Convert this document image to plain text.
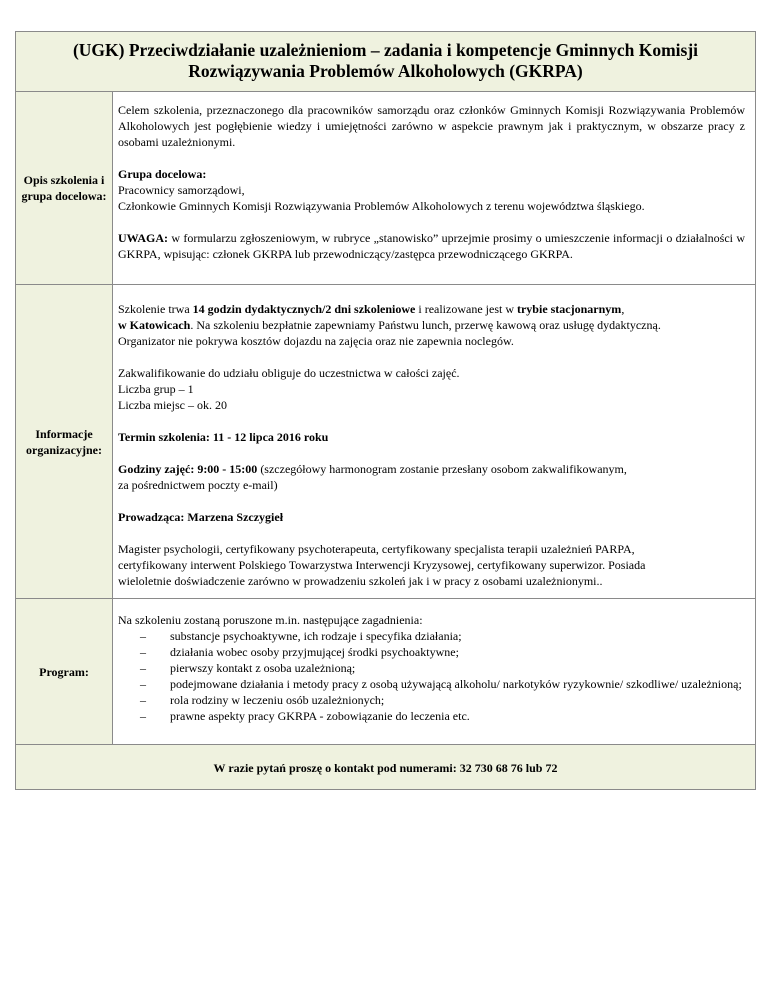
(UGK) Przeciwdziałanie uzależnieniom – zadania i kompetencje Gminnych Komisji Rozwiązywania Problemów Alkoholowych (GKRPA)
Opis szkolenia i grupa docelowa:

Celem szkolenia, przeznaczonego dla pracowników samorządu oraz członków Gminnych Komisji Rozwiązywania Problemów Alkoholowych jest pogłębienie wiedzy i umiejętności zarówno w aspekcie prawnym jak i praktycznym, w obszarze pracy z osobami uzależnionymi.

Grupa docelowa:

Pracownicy samorządowi,

Członkowie Gminnych Komisji Rozwiązywania Problemów Alkoholowych z terenu województwa śląskiego.

UWAGA: w formularzu zgłoszeniowym, w rubryce „stanowisko” uprzejmie prosimy o umieszczenie informacji o działalności w GKRPA, wpisując: członek GKRPA lub przewodniczący/zastępca przewodniczącego GKRPA.

Informacje organizacyjne:

Szkolenie trwa 14 godzin dydaktycznych/2 dni szkoleniowe i realizowane jest w trybie stacjonarnym,
w Katowicach. Na szkoleniu bezpłatnie zapewniamy Państwu lunch, przerwę kawową oraz usługę dydaktyczną.
Organizator nie pokrywa kosztów dojazdu na zajęcia oraz nie zapewnia noclegów.

Zakwalifikowanie do udziału obliguje do uczestnictwa w całości zajęć.

Liczba grup – 1

Liczba miejsc – ok. 20

Termin szkolenia: 11 - 12 lipca 2016 roku

Godziny zajęć: 9:00 - 15:00 (szczegółowy harmonogram zostanie przesłany osobom zakwalifikowanym,
za pośrednictwem poczty e-mail)

Prowadząca: Marzena Szczygieł

Magister psychologii, certyfikowany psychoterapeuta, certyfikowany specjalista terapii uzależnień PARPA,

certyfikowany interwent Polskiego Towarzystwa Interwencji Kryzysowej, certyfikowany superwizor. Posiada

wieloletnie doświadczenie zarówno w prowadzeniu szkoleń jak i w pracy z osobami uzależnionymi..

Program:

Na szkoleniu zostaną poruszone m.in. następujące zagadnienia:

– substancje psychoaktywne, ich rodzaje i specyfika działania;
– działania wobec osoby przyjmującej środki psychoaktywne;
– pierwszy kontakt z osoba uzależnioną;
– podejmowane działania i metody pracy z osobą używającą alkoholu/ narkotyków ryzykownie/ szkodliwe/ uzależnioną;
– rola rodziny w leczeniu osób uzależnionych;
– prawne aspekty pracy GKRPA - zobowiązanie do leczenia etc.
W razie pytań proszę o kontakt pod numerami: 32 730 68 76 lub 72
